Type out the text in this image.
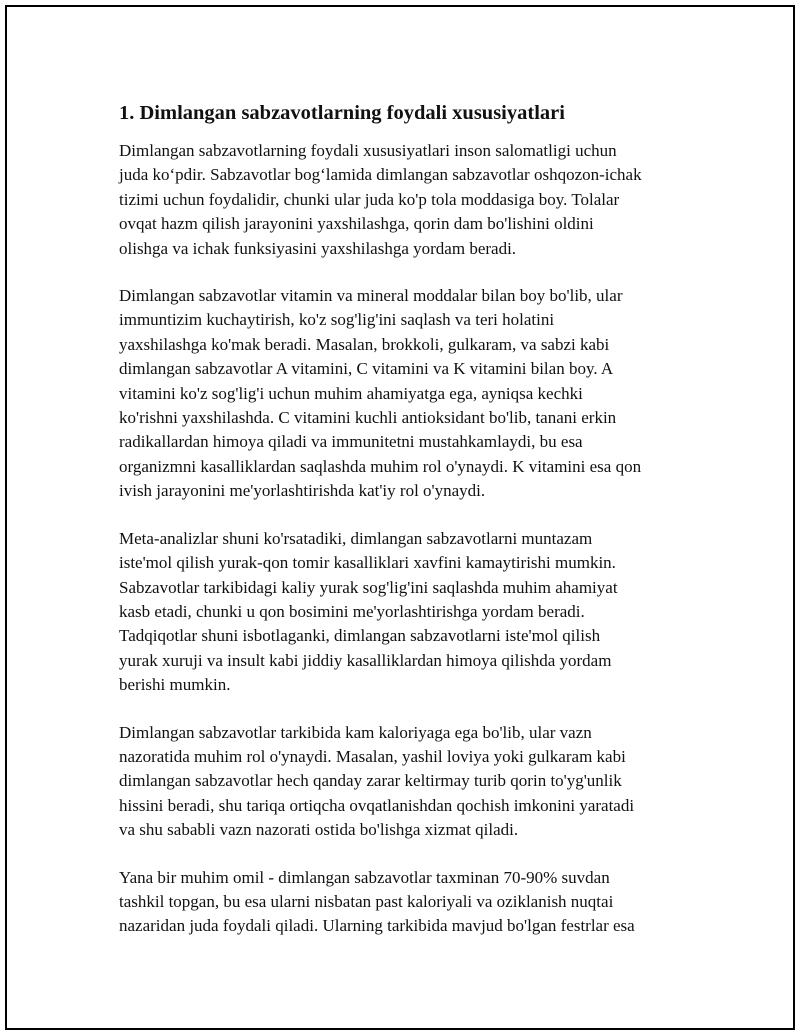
1. Dimlangan sabzavotlarning foydali xususiyatlari
Dimlangan sabzavotlarning foydali xususiyatlari inson salomatligi uchun
juda ko‘pdir. Sabzavotlar bog‘lamida dimlangan sabzavotlar oshqozon-ichak
tizimi uchun foydalidir, chunki ular juda ko'p tola moddasiga boy. Tolalar
ovqat hazm qilish jarayonini yaxshilashga, qorin dam bo'lishini oldini
olishga va ichak funksiyasini yaxshilashga yordam beradi.
Dimlangan sabzavotlar vitamin va mineral moddalar bilan boy bo'lib, ular
immuntizim kuchaytirish, ko'z sog'lig'ini saqlash va teri holatini
yaxshilashga ko'mak beradi. Masalan, brokkoli, gulkaram, va sabzi kabi
dimlangan sabzavotlar A vitamini, C vitamini va K vitamini bilan boy. A
vitamini ko'z sog'lig'i uchun muhim ahamiyatga ega, ayniqsa kechki
ko'rishni yaxshilashda. C vitamini kuchli antioksidant bo'lib, tanani erkin
radikallardan himoya qiladi va immunitetni mustahkamlaydi, bu esa
organizmni kasalliklardan saqlashda muhim rol o'ynaydi. K vitamini esa qon
ivish jarayonini me'yorlashtirishda kat'iy rol o'ynaydi.
Meta-analizlar shuni ko'rsatadiki, dimlangan sabzavotlarni muntazam
iste'mol qilish yurak-qon tomir kasalliklari xavfini kamaytirishi mumkin.
Sabzavotlar tarkibidagi kaliy yurak sog'lig'ini saqlashda muhim ahamiyat
kasb etadi, chunki u qon bosimini me'yorlashtirishga yordam beradi.
Tadqiqotlar shuni isbotlaganki, dimlangan sabzavotlarni iste'mol qilish
yurak xuruji va insult kabi jiddiy kasalliklardan himoya qilishda yordam
berishi mumkin.
Dimlangan sabzavotlar tarkibida kam kaloriyaga ega bo'lib, ular vazn
nazoratida muhim rol o'ynaydi. Masalan, yashil loviya yoki gulkaram kabi
dimlangan sabzavotlar hech qanday zarar keltirmay turib qorin to'yg'unlik
hissini beradi, shu tariqa ortiqcha ovqatlanishdan qochish imkonini yaratadi
va shu sababli vazn nazorati ostida bo'lishga xizmat qiladi.
Yana bir muhim omil - dimlangan sabzavotlar taxminan 70-90% suvdan
tashkil topgan, bu esa ularni nisbatan past kaloriyali va oziklanish nuqtai
nazaridan juda foydali qiladi. Ularning tarkibida mavjud bo'lgan festrlar esa
